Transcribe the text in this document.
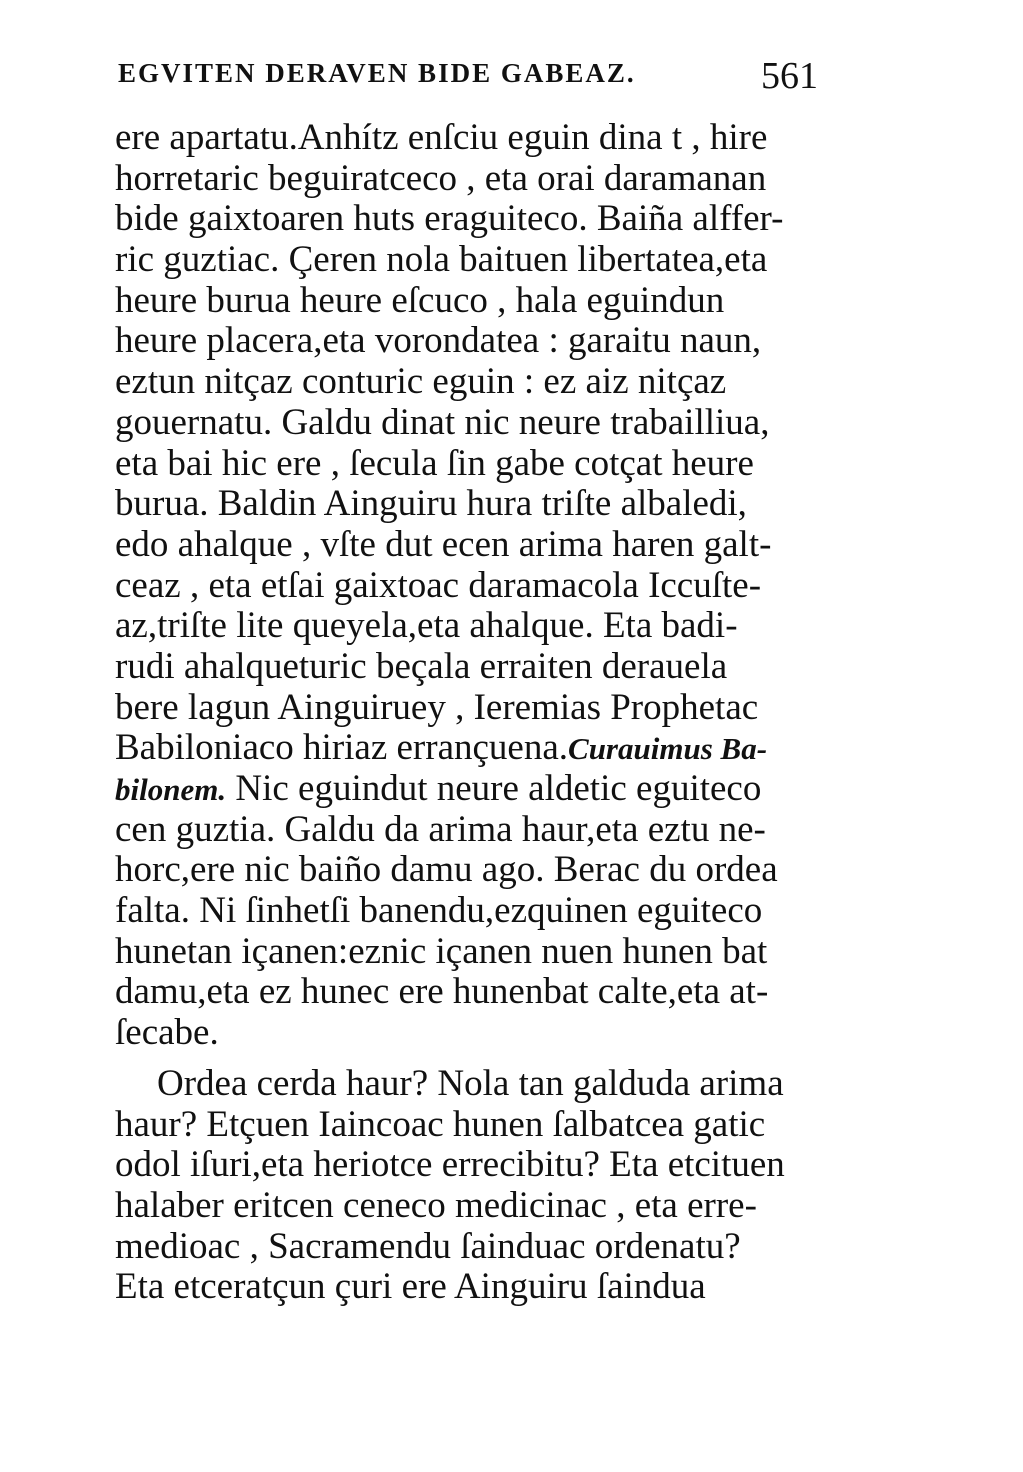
EGVITEN DERAVEN BIDE GABEAZ.	561
ere apartatu.Anhítz enſciu eguin dina t , hire
horretaric beguiratceco , eta orai daramanan
bide gaixtoaren huts eraguiteco. Baiña alffer-
ric guztiac. Çeren nola baituen libertatea,eta
heure burua heure eſcuco , hala eguindun
heure placera,eta vorondatea : garaitu naun,
eztun nitçaz conturic eguin : ez aiz nitçaz
gouernatu. Galdu dinat nic neure trabailliua,
eta bai hic ere , ſecula ſin gabe cotçat heure
burua. Baldin Ainguiru hura triſte albaledi,
edo ahalque , vſte dut ecen arima haren galt-
ceaz , eta etſai gaixtoac daramacola Iccuſte-
az,triſte lite queyela,eta ahalque. Eta badi-
rudi ahalqueturic beçala erraiten derauela
bere lagun Ainguiruey , Ieremias Prophetac
Babiloniaco hiriaz errançuena.Curauimus Ba-
bilonem. Nic eguindut neure aldetic eguiteco
cen guztia. Galdu da arima haur,eta eztu ne-
horc,ere nic baiño damu ago. Berac du ordea
falta. Ni ſinhetſi banendu,ezquinen eguiteco
hunetan içanen:eznic içanen nuen hunen bat
damu,eta ez hunec ere hunenbat calte,eta at-
ſecabe.
Ordea cerda haur? Nola tan galduda arima
haur? Etçuen Iaincoac hunen ſalbatcea gatic
odol iſuri,eta heriotce errecibitu? Eta etcituen
halaber eritcen ceneco medicinac , eta erre-
medioac , Sacramendu ſainduac ordenatu?
Eta etceratçun çuri ere Ainguiru ſaindua
